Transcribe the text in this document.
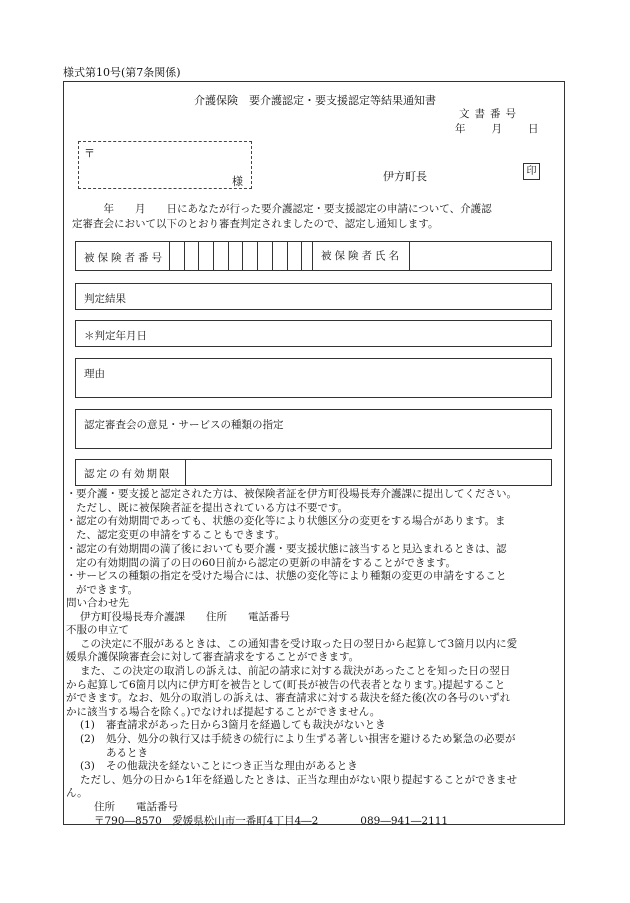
様式第10号(第7条関係)
介護保険　要介護認定・要支援認定等結果通知書
文書番号
年 月 日
〒
様	伊方町長	印
　　　年　　月　　日にあなたが行った要介護認定・要支援認定の申請について、介護認
定審査会において以下のとおり審査判定されましたので、認定し通知します。
被保険者番号	被保険者氏名
判定結果
＊判定年月日
理由
認定審査会の意見・サービスの種類の指定
認定の有効期限
・ 要介護・要支援と認定された方は、被保険者証を伊方町役場長寿介護課に提出してください。
ただし、既に被保険者証を提出されている方は不要です。
・ 認定の有効期間であっても、状態の変化等により状態区分の変更をする場合があります。ま
た、認定変更の申請をすることもできます。
・ 認定の有効期間の満了後においても要介護・要支援状態に該当すると見込まれるときは、認
定の有効期間の満了の日の60日前から認定の更新の申請をすることができます。
・ サービスの種類の指定を受けた場合には、状態の変化等により種類の変更の申請をすること
ができます。
問い合わせ先
伊方町役場長寿介護課　　住所　　電話番号
不服の申立て
この決定に不服があるときは、この通知書を受け取った日の翌日から起算して3箇月以内に愛
媛県介護保険審査会に対して審査請求をすることができます。
また、この決定の取消しの訴えは、前記の請求に対する裁決があったことを知った日の翌日
から起算して6箇月以内に伊方町を被告として(町長が被告の代表者となります。)提起すること
ができます。なお、処分の取消しの訴えは、審査請求に対する裁決を経た後(次の各号のいずれ
かに該当する場合を除く。)でなければ提起することができません。
(1) 審査請求があった日から3箇月を経過しても裁決がないとき
(2) 処分、処分の執行又は手続きの続行により生ずる著しい損害を避けるため緊急の必要が
あるとき
(3) その他裁決を経ないことにつき正当な理由があるとき
ただし、処分の日から1年を経過したときは、正当な理由がない限り提起することができませ
ん。
住所　　電話番号
〒790―8570　愛媛県松山市一番町4丁目4―2　　　　089―941―2111
